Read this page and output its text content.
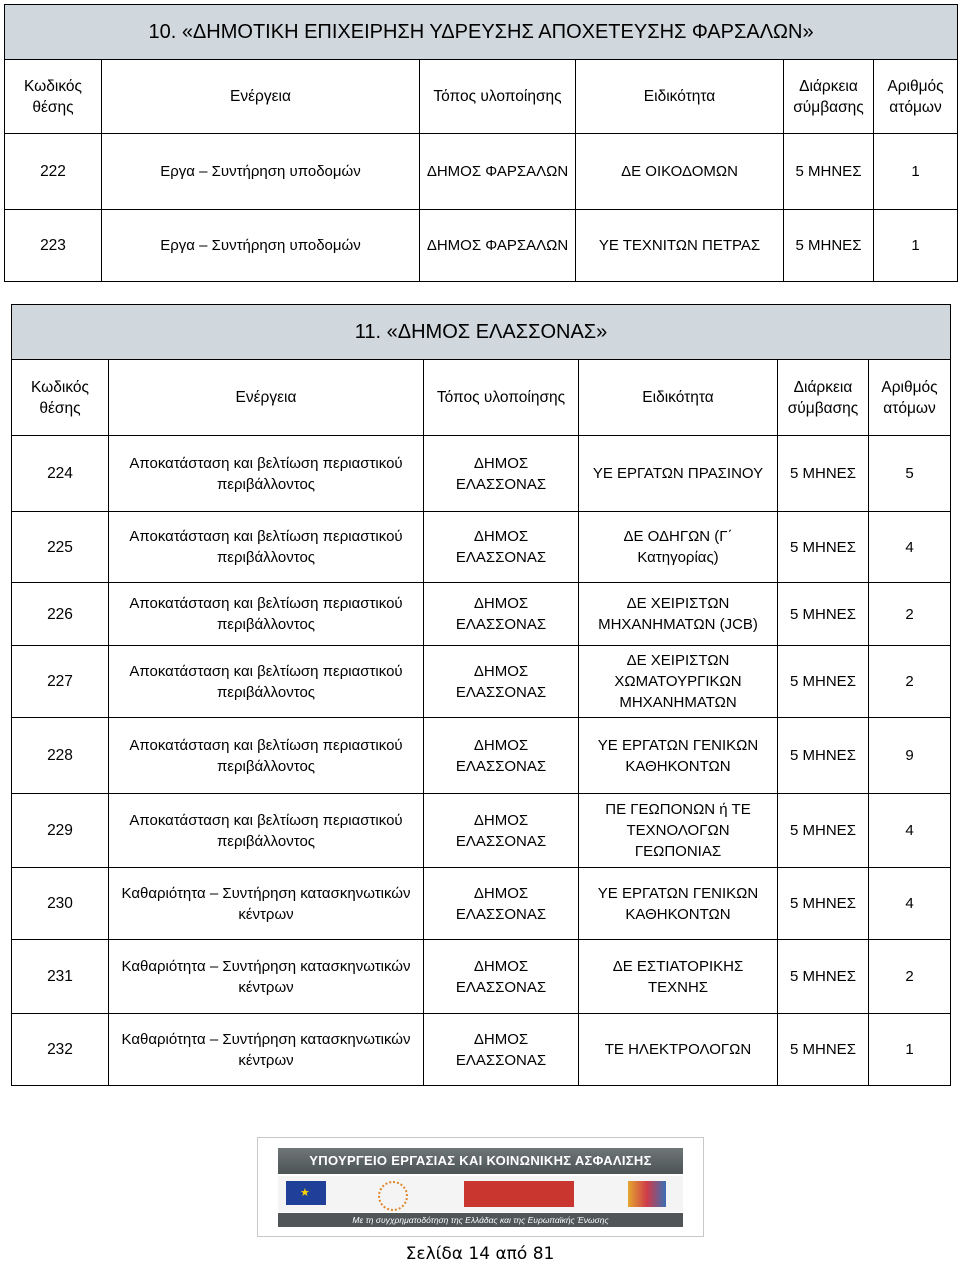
10. «ΔΗΜΟΤΙΚΗ ΕΠΙΧΕΙΡΗΣΗ ΥΔΡΕΥΣΗΣ ΑΠΟΧΕΤΕΥΣΗΣ ΦΑΡΣΑΛΩΝ»					
Κωδικός θέσης	Ενέργεια	Τόπος υλοποίησης	Ειδικότητα	Διάρκεια σύμβασης	Αριθμός ατόμων
222	Εργα – Συντήρηση υποδομών	ΔΗΜΟΣ ΦΑΡΣΑΛΩΝ	ΔΕ ΟΙΚΟΔΟΜΩΝ	5 ΜΗΝΕΣ	1
223	Εργα – Συντήρηση υποδομών	ΔΗΜΟΣ ΦΑΡΣΑΛΩΝ	ΥΕ ΤΕΧΝΙΤΩΝ ΠΕΤΡΑΣ	5 ΜΗΝΕΣ	1
11. «ΔΗΜΟΣ ΕΛΑΣΣΟΝΑΣ»					
Κωδικός θέσης	Ενέργεια	Τόπος υλοποίησης	Ειδικότητα	Διάρκεια σύμβασης	Αριθμός ατόμων
224	Αποκατάσταση και βελτίωση περιαστικού περιβάλλοντος	ΔΗΜΟΣ ΕΛΑΣΣΟΝΑΣ	ΥΕ ΕΡΓΑΤΩΝ ΠΡΑΣΙΝΟΥ	5 ΜΗΝΕΣ	5
225	Αποκατάσταση και βελτίωση περιαστικού περιβάλλοντος	ΔΗΜΟΣ ΕΛΑΣΣΟΝΑΣ	ΔΕ ΟΔΗΓΩΝ (Γ΄ Κατηγορίας)	5 ΜΗΝΕΣ	4
226	Αποκατάσταση και βελτίωση περιαστικού περιβάλλοντος	ΔΗΜΟΣ ΕΛΑΣΣΟΝΑΣ	ΔΕ ΧΕΙΡΙΣΤΩΝ ΜΗΧΑΝΗΜΑΤΩΝ (JCB)	5 ΜΗΝΕΣ	2
227	Αποκατάσταση και βελτίωση περιαστικού περιβάλλοντος	ΔΗΜΟΣ ΕΛΑΣΣΟΝΑΣ	ΔΕ ΧΕΙΡΙΣΤΩΝ ΧΩΜΑΤΟΥΡΓΙΚΩΝ ΜΗΧΑΝΗΜΑΤΩΝ	5 ΜΗΝΕΣ	2
228	Αποκατάσταση και βελτίωση περιαστικού περιβάλλοντος	ΔΗΜΟΣ ΕΛΑΣΣΟΝΑΣ	ΥΕ ΕΡΓΑΤΩΝ ΓΕΝΙΚΩΝ ΚΑΘΗΚΟΝΤΩΝ	5 ΜΗΝΕΣ	9
229	Αποκατάσταση και βελτίωση περιαστικού περιβάλλοντος	ΔΗΜΟΣ ΕΛΑΣΣΟΝΑΣ	ΠΕ ΓΕΩΠΟΝΩΝ ή ΤΕ ΤΕΧΝΟΛΟΓΩΝ ΓΕΩΠΟΝΙΑΣ	5 ΜΗΝΕΣ	4
230	Καθαριότητα – Συντήρηση κατασκηνωτικών κέντρων	ΔΗΜΟΣ ΕΛΑΣΣΟΝΑΣ	ΥΕ ΕΡΓΑΤΩΝ ΓΕΝΙΚΩΝ ΚΑΘΗΚΟΝΤΩΝ	5 ΜΗΝΕΣ	4
231	Καθαριότητα – Συντήρηση κατασκηνωτικών κέντρων	ΔΗΜΟΣ ΕΛΑΣΣΟΝΑΣ	ΔΕ ΕΣΤΙΑΤΟΡΙΚΗΣ ΤΕΧΝΗΣ	5 ΜΗΝΕΣ	2
232	Καθαριότητα – Συντήρηση κατασκηνωτικών κέντρων	ΔΗΜΟΣ ΕΛΑΣΣΟΝΑΣ	ΤΕ ΗΛΕΚΤΡΟΛΟΓΩΝ	5 ΜΗΝΕΣ	1
ΥΠΟΥΡΓΕΙΟ ΕΡΓΑΣΙΑΣ ΚΑΙ ΚΟΙΝΩΝΙΚΗΣ ΑΣΦΑΛΙΣΗΣ
★
Με τη συγχρηματοδότηση της Ελλάδας και της Ευρωπαϊκής Ένωσης
Σελίδα 14 από 81
